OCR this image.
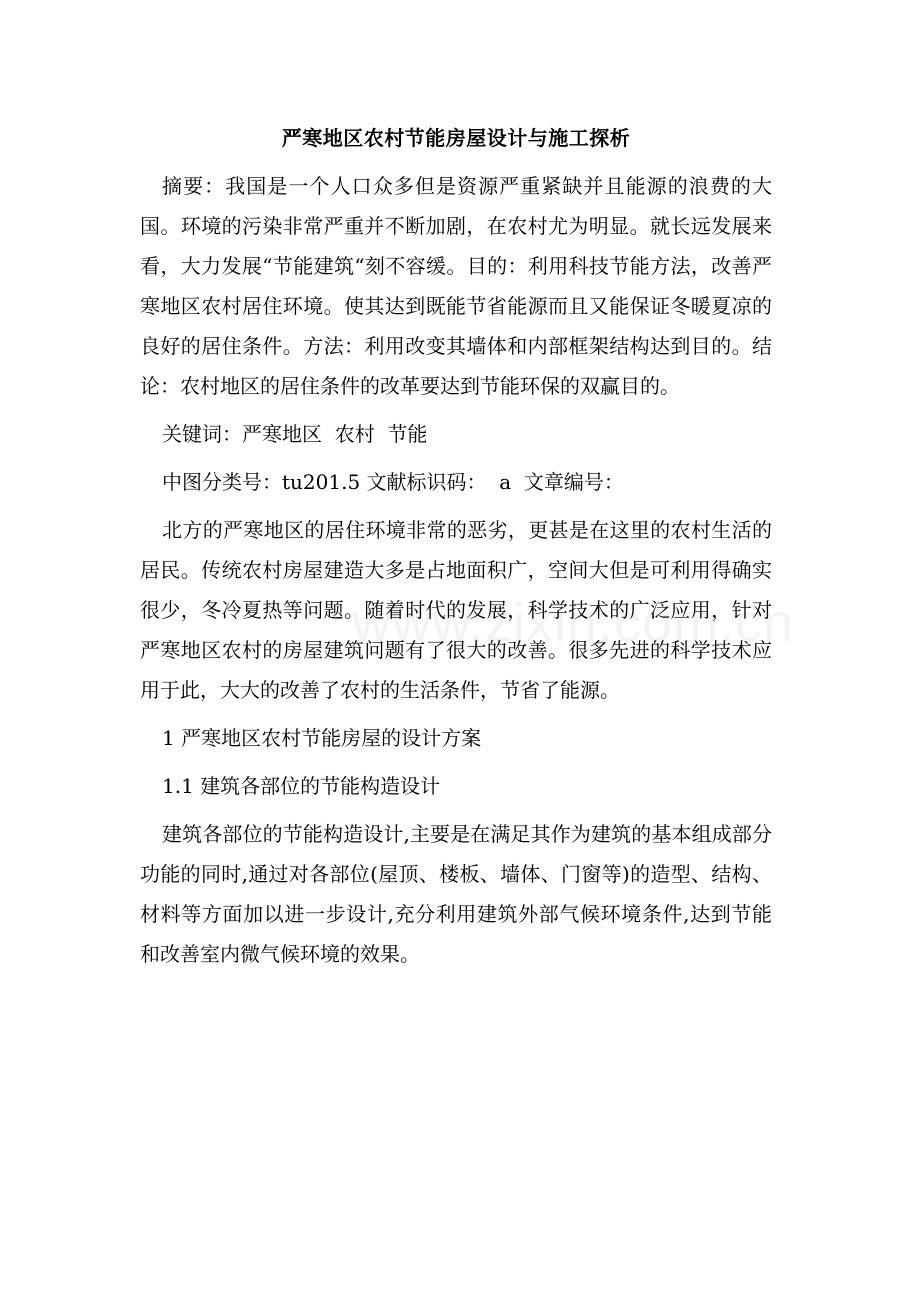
严寒地区农村节能房屋设计与施工探析

摘要：我国是一个人口众多但是资源严重紧缺并且能源的浪费的大国。环境的污染非常严重并不断加剧，在农村尤为明显。就长远发展来看，大力发展“节能建筑“刻不容缓。目的：利用科技节能方法，改善严寒地区农村居住环境。使其达到既能节省能源而且又能保证冬暖夏凉的良好的居住条件。方法：利用改变其墙体和内部框架结构达到目的。结论：农村地区的居住条件的改革要达到节能环保的双赢目的。

关键词：严寒地区  农村  节能

中图分类号：tu201.5 文献标识码：  a  文章编号：

北方的严寒地区的居住环境非常的恶劣，更甚是在这里的农村生活的居民。传统农村房屋建造大多是占地面积广，空间大但是可利用得确实很少，冬冷夏热等问题。随着时代的发展，科学技术的广泛应用，针对严寒地区农村的房屋建筑问题有了很大的改善。很多先进的科学技术应用于此，大大的改善了农村的生活条件，节省了能源。

1 严寒地区农村节能房屋的设计方案

1.1 建筑各部位的节能构造设计

建筑各部位的节能构造设计,主要是在满足其作为建筑的基本组成部分功能的同时,通过对各部位(屋顶、楼板、墙体、门窗等)的造型、结构、材料等方面加以进一步设计,充分利用建筑外部气候环境条件,达到节能和改善室内微气候环境的效果。
